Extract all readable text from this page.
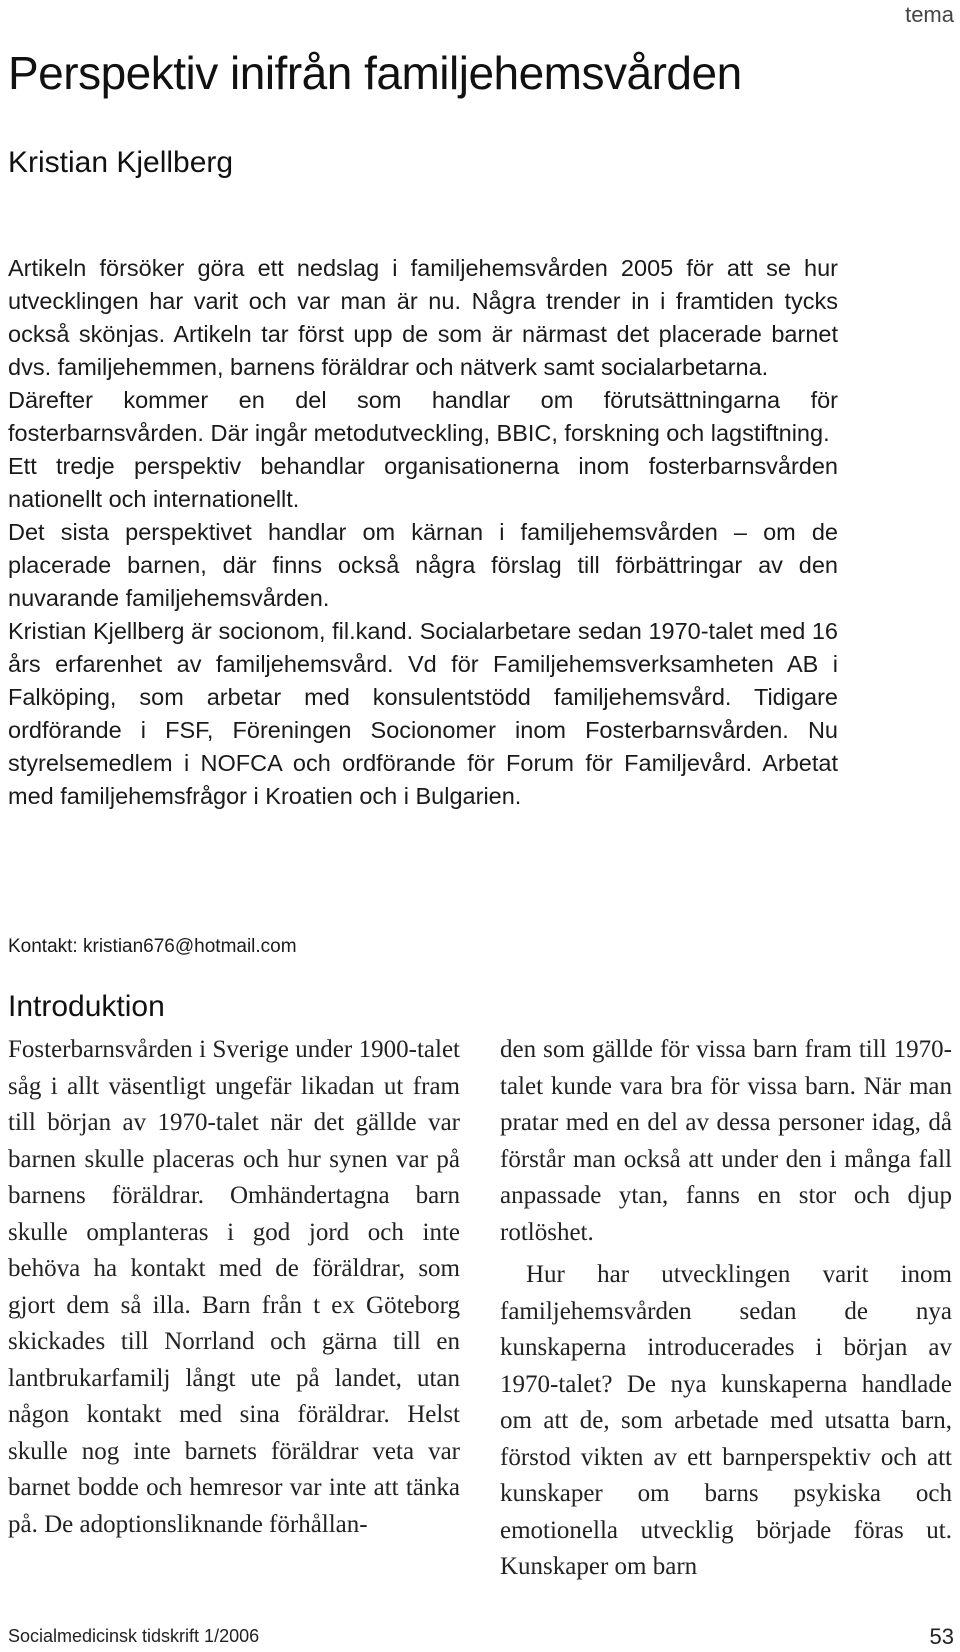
tema
Perspektiv inifrån familjehemsvården
Kristian Kjellberg

Artikeln försöker göra ett nedslag i familjehemsvården 2005 för att se hur utvecklingen har varit och var man är nu. Några trender in i framtiden tycks också skönjas. Artikeln tar först upp de som är närmast det placerade barnet dvs. familjehemmen, barnens föräldrar och nätverk samt socialarbetarna.

Därefter kommer en del som handlar om förutsättningarna för fosterbarnsvården. Där ingår metodutveckling, BBIC, forskning och lagstiftning.

Ett tredje perspektiv behandlar organisationerna inom fosterbarnsvården nationellt och internationellt.

Det sista perspektivet handlar om kärnan i familjehemsvården – om de placerade barnen, där finns också några förslag till förbättringar av den nuvarande familjehemsvården.

Kristian Kjellberg är socionom, fil.kand. Socialarbetare sedan 1970-talet med 16 års erfarenhet av familjehemsvård. Vd för Familjehemsverksamheten AB i Falköping, som arbetar med konsulentstödd familjehemsvård. Tidigare ordförande i FSF, Föreningen Socionomer inom Fosterbarnsvården. Nu styrelsemedlem i NOFCA och ordförande för Forum för Familjevård. Arbetat med familjehemsfrågor i Kroatien och i Bulgarien.

Kontakt: kristian676@hotmail.com
Introduktion

Fosterbarnsvården i Sverige under 1900-talet såg i allt väsentligt ungefär likadan ut fram till början av 1970-talet när det gällde var barnen skulle placeras och hur synen var på barnens föräldrar. Omhändertagna barn skulle omplanteras i god jord och inte behöva ha kontakt med de föräldrar, som gjort dem så illa. Barn från t ex Göteborg skickades till Norrland och gärna till en lantbrukarfamilj långt ute på landet, utan någon kontakt med sina föräldrar. Helst skulle nog inte barnets föräldrar veta var barnet bodde och hemresor var inte att tänka på. De adoptionsliknande förhållan-

den som gällde för vissa barn fram till 1970-talet kunde vara bra för vissa barn. När man pratar med en del av dessa personer idag, då förstår man också att under den i många fall anpassade ytan, fanns en stor och djup rotlöshet.

Hur har utvecklingen varit inom familjehemsvården sedan de nya kunskaperna introducerades i början av 1970-talet? De nya kunskaperna handlade om att de, som arbetade med utsatta barn, förstod vikten av ett barnperspektiv och att kunskaper om barns psykiska och emotionella utvecklig började föras ut. Kunskaper om barn

Socialmedicinsk tidskrift 1/2006	53
